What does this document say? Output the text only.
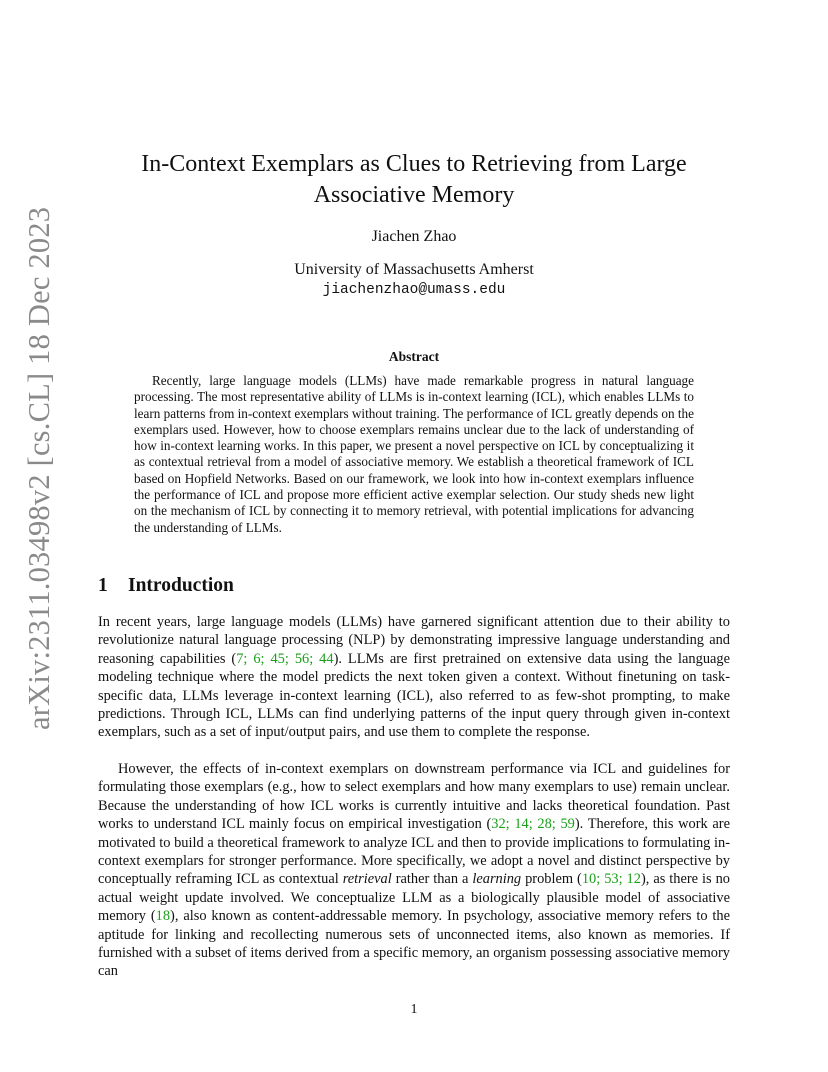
arXiv:2311.03498v2 [cs.CL] 18 Dec 2023
In-Context Exemplars as Clues to Retrieving from Large
Associative Memory
Jiachen Zhao
University of Massachusetts Amherst
jiachenzhao@umass.edu
Abstract

Recently, large language models (LLMs) have made remarkable progress in natural language processing. The most representative ability of LLMs is in-context learning (ICL), which enables LLMs to learn patterns from in-context exemplars without training. The performance of ICL greatly depends on the exemplars used. However, how to choose exemplars remains unclear due to the lack of understanding of how in-context learning works. In this paper, we present a novel perspective on ICL by conceptualizing it as contextual retrieval from a model of associative memory. We establish a theoretical framework of ICL based on Hopfield Networks. Based on our framework, we look into how in-context exemplars influence the performance of ICL and propose more efficient active exemplar selection. Our study sheds new light on the mechanism of ICL by connecting it to memory retrieval, with potential implications for advancing the understanding of LLMs.

1 Introduction

In recent years, large language models (LLMs) have garnered significant attention due to their ability to revolutionize natural language processing (NLP) by demonstrating impressive language understanding and reasoning capabilities (7; 6; 45; 56; 44). LLMs are first pretrained on extensive data using the language modeling technique where the model predicts the next token given a context. Without finetuning on task-specific data, LLMs leverage in-context learning (ICL), also referred to as few-shot prompting, to make predictions. Through ICL, LLMs can find underlying patterns of the input query through given in-context exemplars, such as a set of input/output pairs, and use them to complete the response.

However, the effects of in-context exemplars on downstream performance via ICL and guidelines for formulating those exemplars (e.g., how to select exemplars and how many exemplars to use) remain unclear. Because the understanding of how ICL works is currently intuitive and lacks theoretical foundation. Past works to understand ICL mainly focus on empirical investigation (32; 14; 28; 59). Therefore, this work are motivated to build a theoretical framework to analyze ICL and then to provide implications to formulating in-context exemplars for stronger performance. More specifically, we adopt a novel and distinct perspective by conceptually reframing ICL as contextual retrieval rather than a learning problem (10; 53; 12), as there is no actual weight update involved. We conceptualize LLM as a biologically plausible model of associative memory (18), also known as content-addressable memory. In psychology, associative memory refers to the aptitude for linking and recollecting numerous sets of unconnected items, also known as memories. If furnished with a subset of items derived from a specific memory, an organism possessing associative memory can

1
